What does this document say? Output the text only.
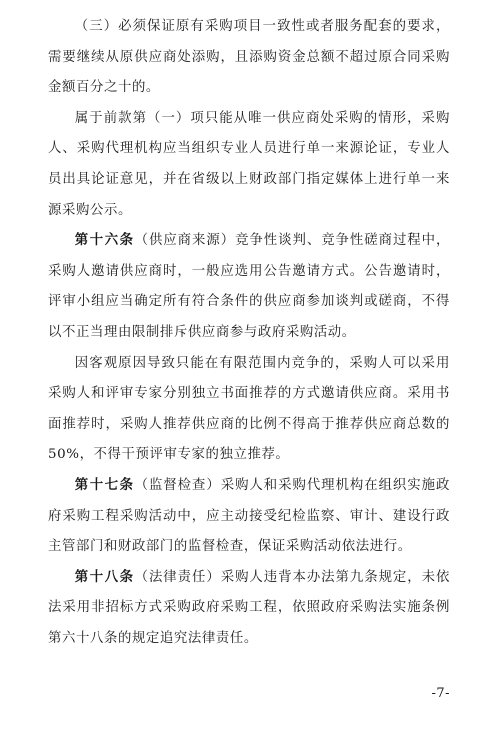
（三）必须保证原有采购项目一致性或者服务配套的要求，需要继续从原供应商处添购，且添购资金总额不超过原合同采购金额百分之十的。

属于前款第（一）项只能从唯一供应商处采购的情形，采购人、采购代理机构应当组织专业人员进行单一来源论证，专业人员出具论证意见，并在省级以上财政部门指定媒体上进行单一来源采购公示。

第十六条（供应商来源）竞争性谈判、竞争性磋商过程中，采购人邀请供应商时，一般应选用公告邀请方式。公告邀请时，评审小组应当确定所有符合条件的供应商参加谈判或磋商，不得以不正当理由限制排斥供应商参与政府采购活动。

因客观原因导致只能在有限范围内竞争的，采购人可以采用采购人和评审专家分别独立书面推荐的方式邀请供应商。采用书面推荐时，采购人推荐供应商的比例不得高于推荐供应商总数的50%，不得干预评审专家的独立推荐。

第十七条（监督检查）采购人和采购代理机构在组织实施政府采购工程采购活动中，应主动接受纪检监察、审计、建设行政主管部门和财政部门的监督检查，保证采购活动依法进行。

第十八条（法律责任）采购人违背本办法第九条规定，未依法采用非招标方式采购政府采购工程，依照政府采购法实施条例第六十八条的规定追究法律责任。

-7-
